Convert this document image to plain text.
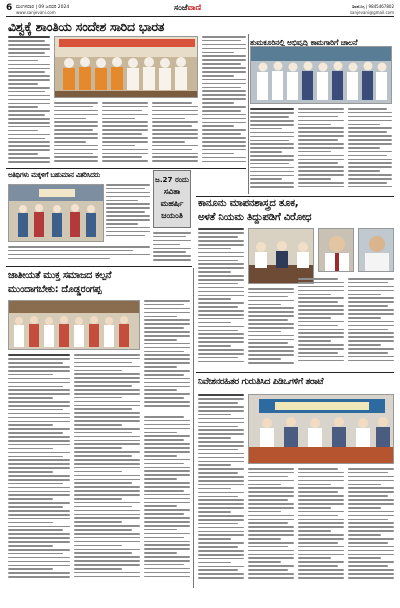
6 ಮಂಗಳವಾರ | 09 ಜನವರಿ 2024
www.sanjevani.com
ಸಂಜೆವಾಣಿ	ಶಿವಮೊಗ್ಗ | 9845467802
sanjevani@gmail.com
ವಿಶ್ವಕ್ಕೆ ಶಾಂತಿಯ ಸಂದೇಶ ಸಾರಿದ ಭಾರತ
ತುಮಕೂರಿನಲ್ಲಿ ಅಭಿವೃದ್ಧಿ ಕಾಮಗಾರಿಗೆ ಚಾಲನೆ
ಅತಿಥಿಗಳು ಮಕ್ಕಳಿಗೆ ಬಹುಮಾನ ವಿತರಿಸಿದರು	ಜ.27 ರಂದು
ಸವಿತಾ
ಮಹರ್ಷಿ
ಜಯಂತಿ
ಕಾನೂನು ಮಾಪನಶಾಸ್ತ್ರದ ತೂಕ,
ಅಳತೆ ನಿಯಮ ತಿದ್ದುಪಡಿಗೆ ವಿರೋಧ
ಜಾತೀಯತೆ ಮುಕ್ತ ಸಮಾಜದ ಕಲ್ಪನೆ
ಮುಂದಾಗಬೇಕು: ದೊಡ್ಡರಂಗಪ್ಪ
ನಿವೇಶನರಹಿತರ ಗುರುತಿಸಿದ ಪಿಡಿಒಗಳಿಗೆ ತರಾಟೆ
